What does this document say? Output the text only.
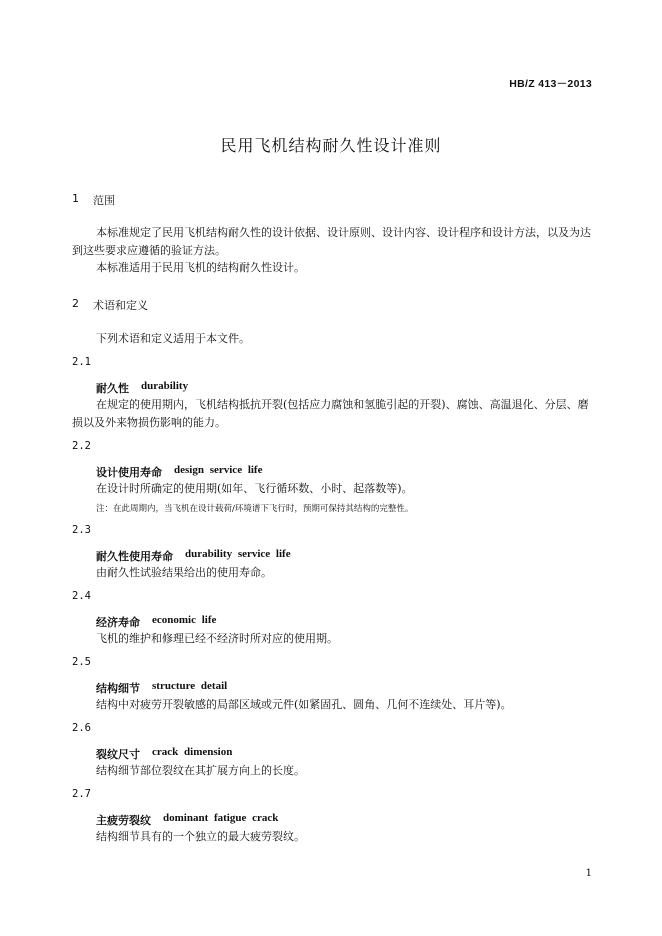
HB/Z 413－2013
民用飞机结构耐久性设计准则
1 范围
本标准规定了民用飞机结构耐久性的设计依据、设计原则、设计内容、设计程序和设计方法，以及为达到这些要求应遵循的验证方法。
本标准适用于民用飞机的结构耐久性设计。
2 术语和定义
下列术语和定义适用于本文件。
2.1
耐久性 durability
在规定的使用期内，飞机结构抵抗开裂(包括应力腐蚀和氢脆引起的开裂)、腐蚀、高温退化、分层、磨损以及外来物损伤影响的能力。
2.2
设计使用寿命 design service life
在设计时所确定的使用期(如年、飞行循环数、小时、起落数等)。
注：在此周期内，当飞机在设计载荷/环境谱下飞行时，预期可保持其结构的完整性。
2.3
耐久性使用寿命 durability service life
由耐久性试验结果给出的使用寿命。
2.4
经济寿命 economic life
飞机的维护和修理已经不经济时所对应的使用期。
2.5
结构细节 structure detail
结构中对疲劳开裂敏感的局部区域或元件(如紧固孔、圆角、几何不连续处、耳片等)。
2.6
裂纹尺寸 crack dimension
结构细节部位裂纹在其扩展方向上的长度。
2.7
主疲劳裂纹 dominant fatigue crack
结构细节具有的一个独立的最大疲劳裂纹。
1
